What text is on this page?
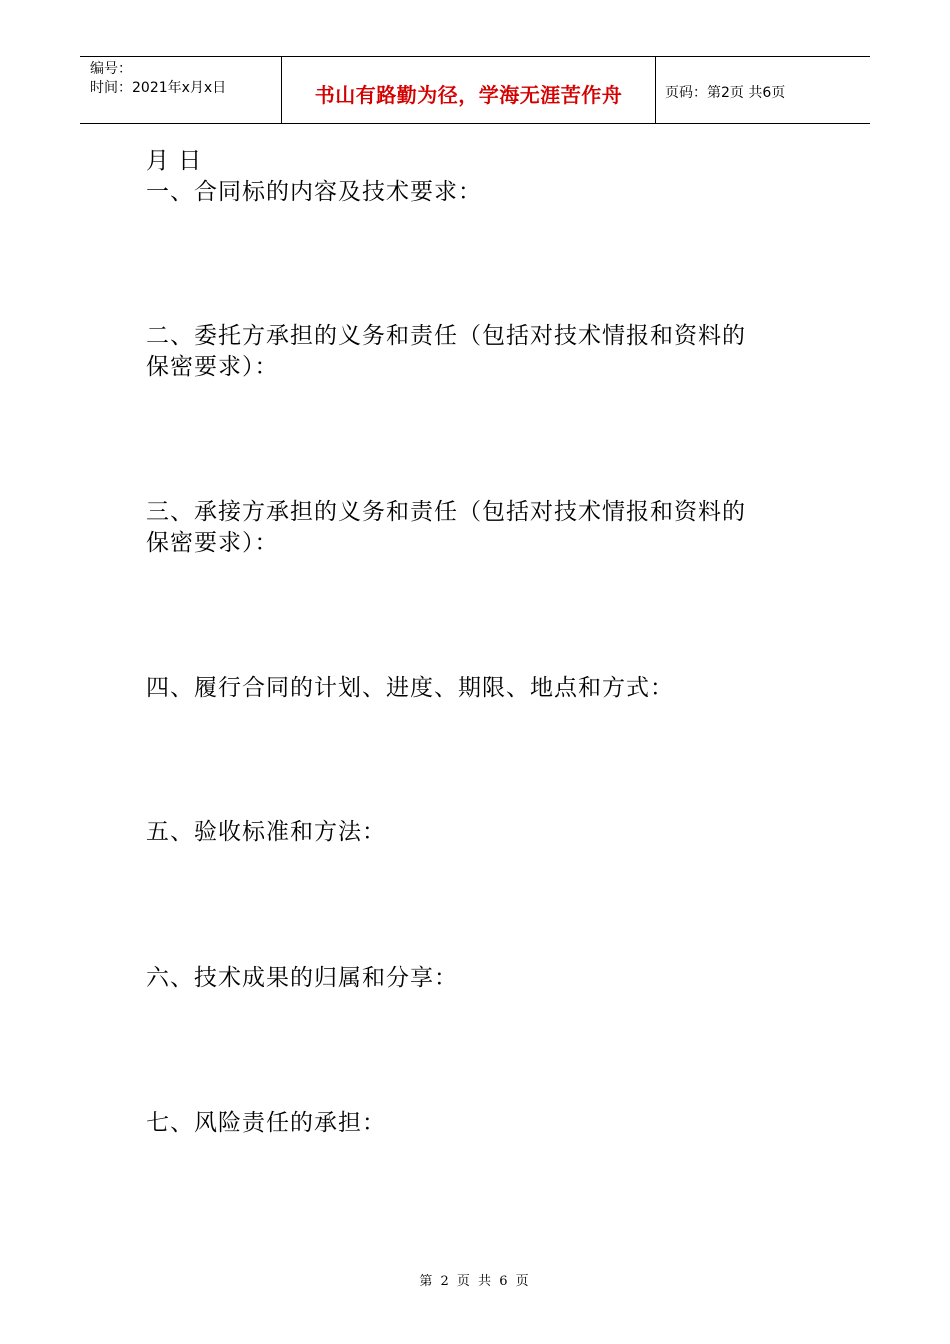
编号：
时间：2021年x月x日	书山有路勤为径，学海无涯苦作舟	页码：第2页 共6页
月 日
一、合同标的内容及技术要求：
二、委托方承担的义务和责任（包括对技术情报和资料的
保密要求）：
三、承接方承担的义务和责任（包括对技术情报和资料的
保密要求）：
四、履行合同的计划、进度、期限、地点和方式：
五、验收标准和方法：
六、技术成果的归属和分享：
七、风险责任的承担：
第 2 页 共 6 页
